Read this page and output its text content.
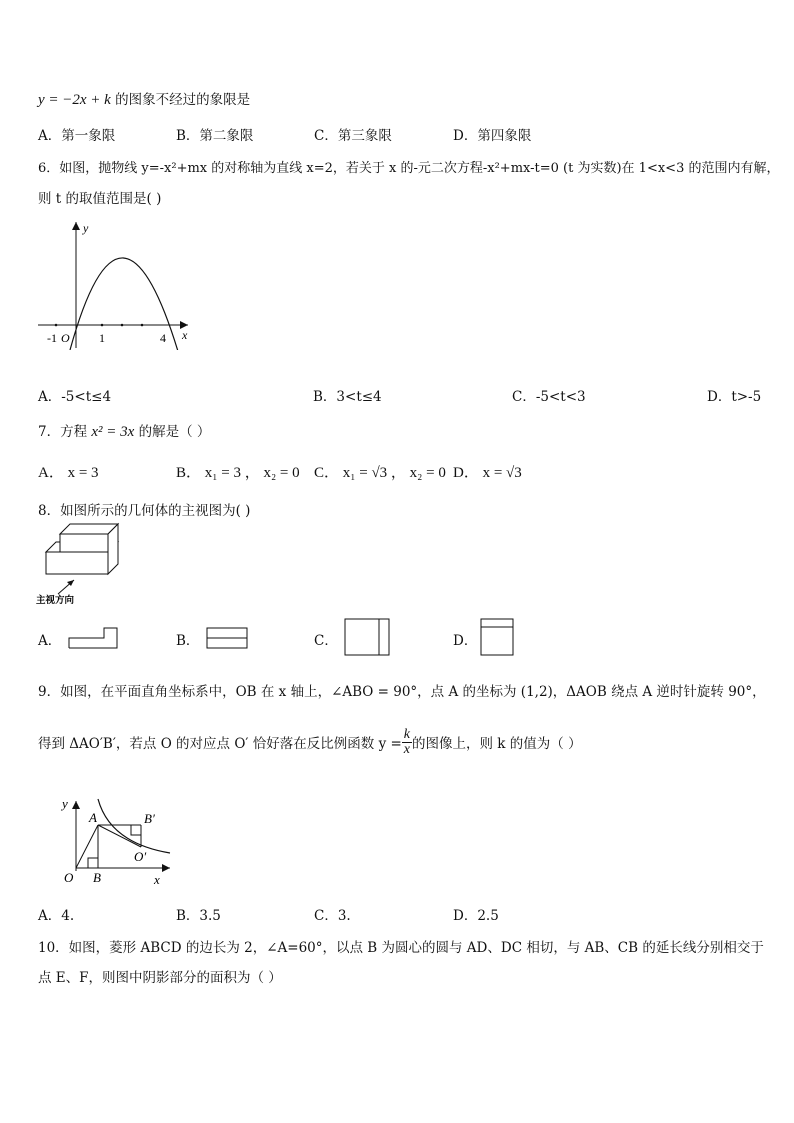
y = −2x + k 的图象不经过的象限是
A．第一象限	B．第二象限	C．第三象限	D．第四象限
6．如图，抛物线 y=-x²+mx 的对称轴为直线 x=2，若关于 x 的-元二次方程-x²+mx-t=0 (t 为实数)在 1<x<3 的范围内有解，
则 t 的取值范围是( )
y
x
-1 O 1	4
A．-5<t≤4	B．3<t≤4	C．-5<t<3	D．t>-5
7．方程 x² = 3x 的解是（ ）
A． x = 3	B． x₁ = 3 ， x₂ = 0 C． x₁ = √3 ， x₂ = 0 D． x = √3
8．如图所示的几何体的主视图为( )
主视方向
A．	B．	C．	D．
9．如图，在平面直角坐标系中，OB 在 x 轴上，∠ABO = 90°，点 A 的坐标为 (1,2)，ΔAOB 绕点 A 逆时针旋转 90°，
得到 ΔAO′B′，若点 O 的对应点 O′ 恰好落在反比例函数 $y = \frac{k}{x}$ 的图像上，则 k 的值为（ ）
y
x
O
A
B
B′
O′
A．4.	B．3.5	C．3.	D．2.5
10．如图，菱形 ABCD 的边长为 2，∠A=60°，以点 B 为圆心的圆与 AD、DC 相切，与 AB、CB 的延长线分别相交于
点 E、F，则图中阴影部分的面积为（ ）
